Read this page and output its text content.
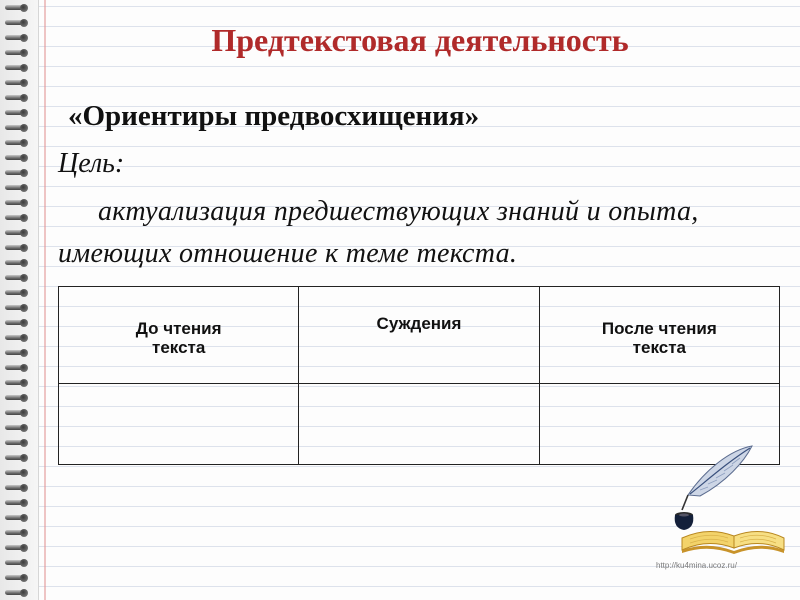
Предтекстовая деятельность
«Ориентиры предвосхищения»
Цель:
актуализация предшествующих знаний и опыта, имеющих отношение к теме текста.
До чтения текста	Суждения	После чтения текста

http://ku4mina.ucoz.ru/
